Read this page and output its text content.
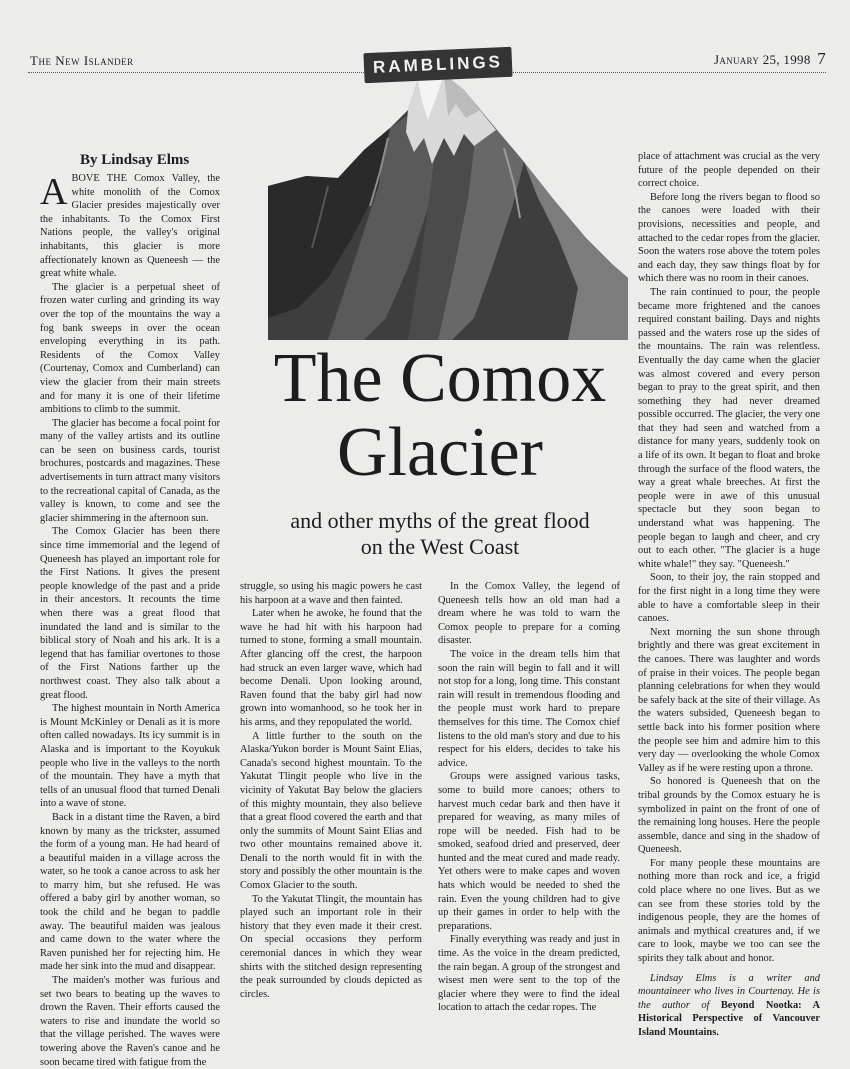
The New Islander	January 25, 1998 7
RAMBLINGS
The Comox
Glacier
and other myths of the great flood
on the West Coast
By Lindsay Elms

ABOVE THE Comox Valley, the white monolith of the Comox Glacier presides majestically over the inhabitants. To the Comox First Nations people, the valley's original inhabitants, this glacier is more affectionately known as Queneesh — the great white whale.

The glacier is a perpetual sheet of frozen water curling and grinding its way over the top of the mountains the way a fog bank sweeps in over the ocean enveloping everything in its path. Residents of the Comox Valley (Courtenay, Comox and Cumberland) can view the glacier from their main streets and for many it is one of their lifetime ambitions to climb to the summit.

The glacier has become a focal point for many of the valley artists and its outline can be seen on business cards, tourist brochures, postcards and magazines. These advertisements in turn attract many visitors to the recreational capital of Canada, as the valley is known, to come and see the glacier shimmering in the afternoon sun.

The Comox Glacier has been there since time immemorial and the legend of Queneesh has played an important role for the First Nations. It gives the present people knowledge of the past and a pride in their ancestors. It recounts the time when there was a great flood that inundated the land and is similar to the biblical story of Noah and his ark. It is a legend that has familiar overtones to those of the First Nations farther up the northwest coast. They also talk about a great flood.

The highest mountain in North America is Mount McKinley or Denali as it is more often called nowadays. Its icy summit is in Alaska and is important to the Koyukuk people who live in the valleys to the north of the mountain. They have a myth that tells of an unusual flood that turned Denali into a wave of stone.

Back in a distant time the Raven, a bird known by many as the trickster, assumed the form of a young man. He had heard of a beautiful maiden in a village across the water, so he took a canoe across to ask her to marry him, but she refused. He was offered a baby girl by another woman, so took the child and he began to paddle away. The beautiful maiden was jealous and came down to the water where the Raven punished her for rejecting him. He made her sink into the mud and disappear.

The maiden's mother was furious and set two bears to beating up the waves to drown the Raven. Their efforts caused the waters to rise and inundate the world so that the village perished. The waves were towering above the Raven's canoe and he soon became tired with fatigue from the

struggle, so using his magic powers he cast his harpoon at a wave and then fainted.

Later when he awoke, he found that the wave he had hit with his harpoon had turned to stone, forming a small mountain. After glancing off the crest, the harpoon had struck an even larger wave, which had become Denali. Upon looking around, Raven found that the baby girl had now grown into womanhood, so he took her in his arms, and they repopulated the world.

A little further to the south on the Alaska/Yukon border is Mount Saint Elias, Canada's second highest mountain. To the Yakutat Tlingit people who live in the vicinity of Yakutat Bay below the glaciers of this mighty mountain, they also believe that a great flood covered the earth and that only the summits of Mount Saint Elias and two other mountains remained above it. Denali to the north would fit in with the story and possibly the other mountain is the Comox Glacier to the south.

To the Yakutat Tlingit, the mountain has played such an important role in their history that they even made it their crest. On special occasions they perform ceremonial dances in which they wear shirts with the stitched design representing the peak surrounded by clouds depicted as circles.

In the Comox Valley, the legend of Queneesh tells how an old man had a dream where he was told to warn the Comox people to prepare for a coming disaster.

The voice in the dream tells him that soon the rain will begin to fall and it will not stop for a long, long time. This constant rain will result in tremendous flooding and the people must work hard to prepare themselves for this time. The Comox chief listens to the old man's story and due to his respect for his elders, decides to take his advice.

Groups were assigned various tasks, some to build more canoes; others to harvest much cedar bark and then have it prepared for weaving, as many miles of rope will be needed. Fish had to be smoked, seafood dried and preserved, deer hunted and the meat cured and made ready. Yet others were to make capes and woven hats which would be needed to shed the rain. Even the young children had to give up their games in order to help with the preparations.

Finally everything was ready and just in time. As the voice in the dream predicted, the rain began. A group of the strongest and wisest men were sent to the top of the glacier where they were to find the ideal location to attach the cedar ropes. The

place of attachment was crucial as the very future of the people depended on their correct choice.

Before long the rivers began to flood so the canoes were loaded with their provisions, necessities and people, and attached to the cedar ropes from the glacier. Soon the waters rose above the totem poles and each day, they saw things float by for which there was no room in their canoes.

The rain continued to pour, the people became more frightened and the canoes required constant bailing. Days and nights passed and the waters rose up the sides of the mountains. The rain was relentless. Eventually the day came when the glacier was almost covered and every person began to pray to the great spirit, and then something they had never dreamed possible occurred. The glacier, the very one that they had seen and watched from a distance for many years, suddenly took on a life of its own. It began to float and broke through the surface of the flood waters, the way a great whale breeches. At first the people were in awe of this unusual spectacle but they soon began to understand what was happening. The people began to laugh and cheer, and cry out to each other. "The glacier is a huge white whale!" they say. "Queneesh."

Soon, to their joy, the rain stopped and for the first night in a long time they were able to have a comfortable sleep in their canoes.

Next morning the sun shone through brightly and there was great excitement in the canoes. There was laughter and words of praise in their voices. The people began planning celebrations for when they would be safely back at the site of their village. As the waters subsided, Queneesh began to settle back into his former position where the people see him and admire him to this very day — overlooking the whole Comox Valley as if he were resting upon a throne.

So honored is Queneesh that on the tribal grounds by the Comox estuary he is symbolized in paint on the front of one of the remaining long houses. Here the people assemble, dance and sing in the shadow of Queneesh.

For many people these mountains are nothing more than rock and ice, a frigid cold place where no one lives. But as we can see from these stories told by the indigenous people, they are the homes of animals and mythical creatures and, if we care to look, maybe we too can see the spirits they talk about and honor.

Lindsay Elms is a writer and mountaineer who lives in Courtenay. He is the author of Beyond Nootka: A Historical Perspective of Vancouver Island Mountains.
